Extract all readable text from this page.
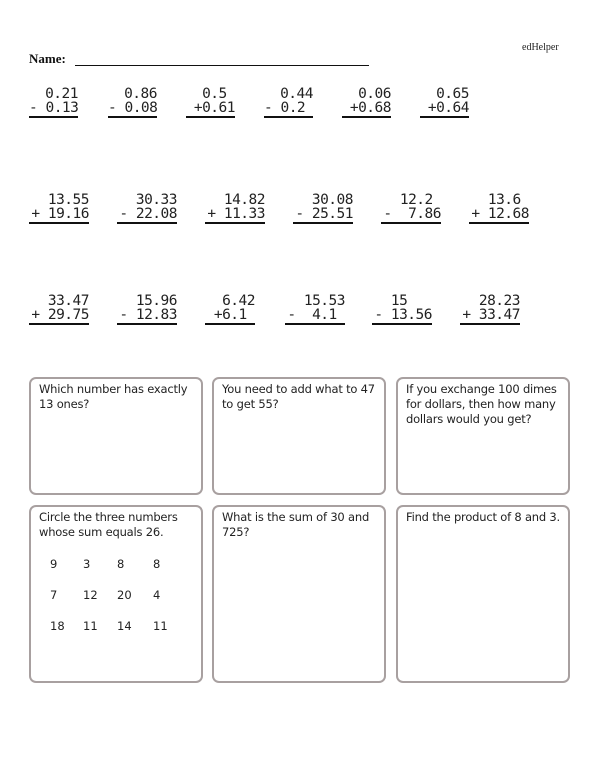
edHelper
Name:
0.21
- 0.13
0.86
- 0.08
0.5
+0.61
0.44
- 0.2
0.06
+0.68
0.65
+0.64
13.55
+ 19.16
30.33
- 22.08
14.82
+ 11.33
30.08
- 25.51
12.2
-  7.86
13.6
+ 12.68
33.47
+ 29.75
15.96
- 12.83
6.42
+6.1
15.53
-  4.1
15
- 13.56
28.23
+ 33.47
Which number has exactly 13 ones?
You need to add what to 47 to get 55?
If you exchange 100 dimes for dollars, then how many dollars would you get?
Circle the three numbers whose sum equals 26.
9 3 8 8
7 12 20 4
18 11 14 11
What is the sum of 30 and 725?
Find the product of 8 and 3.
